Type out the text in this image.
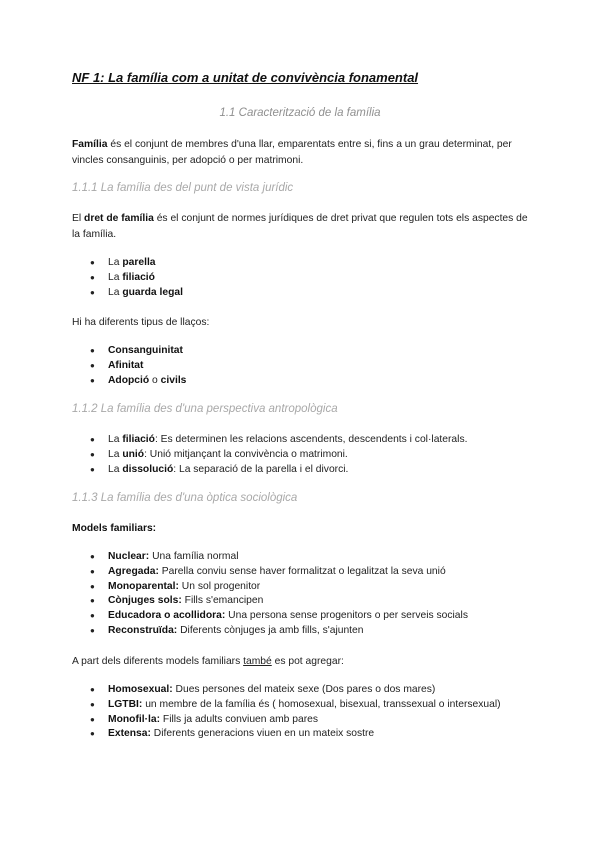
NF 1: La família com a unitat de convivència fonamental

1.1 Caracterització de la família

Família és el conjunt de membres d'una llar, emparentats entre si, fins a un grau determinat, per vincles consanguinis, per adopció o per matrimoni.

1.1.1 La família des del punt de vista jurídic

El dret de família és el conjunt de normes jurídiques de dret privat que regulen tots els aspectes de la família.

● La parella
● La filiació
● La guarda legal

Hi ha diferents tipus de llaços:

● Consanguinitat
● Afinitat
● Adopció o civils

1.1.2 La família des d'una perspectiva antropològica

● La filiació: Es determinen les relacions ascendents, descendents i col·laterals.
● La unió: Unió mitjançant la convivència o matrimoni.
● La dissolució: La separació de la parella i el divorci.

1.1.3 La família des d'una òptica sociològica

Models familiars:

● Nuclear: Una família normal
● Agregada: Parella conviu sense haver formalitzat o legalitzat la seva unió
● Monoparental: Un sol progenitor
● Cònjuges sols: Fills s'emancipen
● Educadora o acollidora: Una persona sense progenitors o per serveis socials
● Reconstruïda: Diferents cònjuges ja amb fills, s'ajunten

A part dels diferents models familiars també es pot agregar:

● Homosexual: Dues persones del mateix sexe (Dos pares o dos mares)
● LGTBI: un membre de la família és ( homosexual, bisexual, transsexual o intersexual)
● Monofil·la: Fills ja adults conviuen amb pares
● Extensa: Diferents generacions viuen en un mateix sostre
